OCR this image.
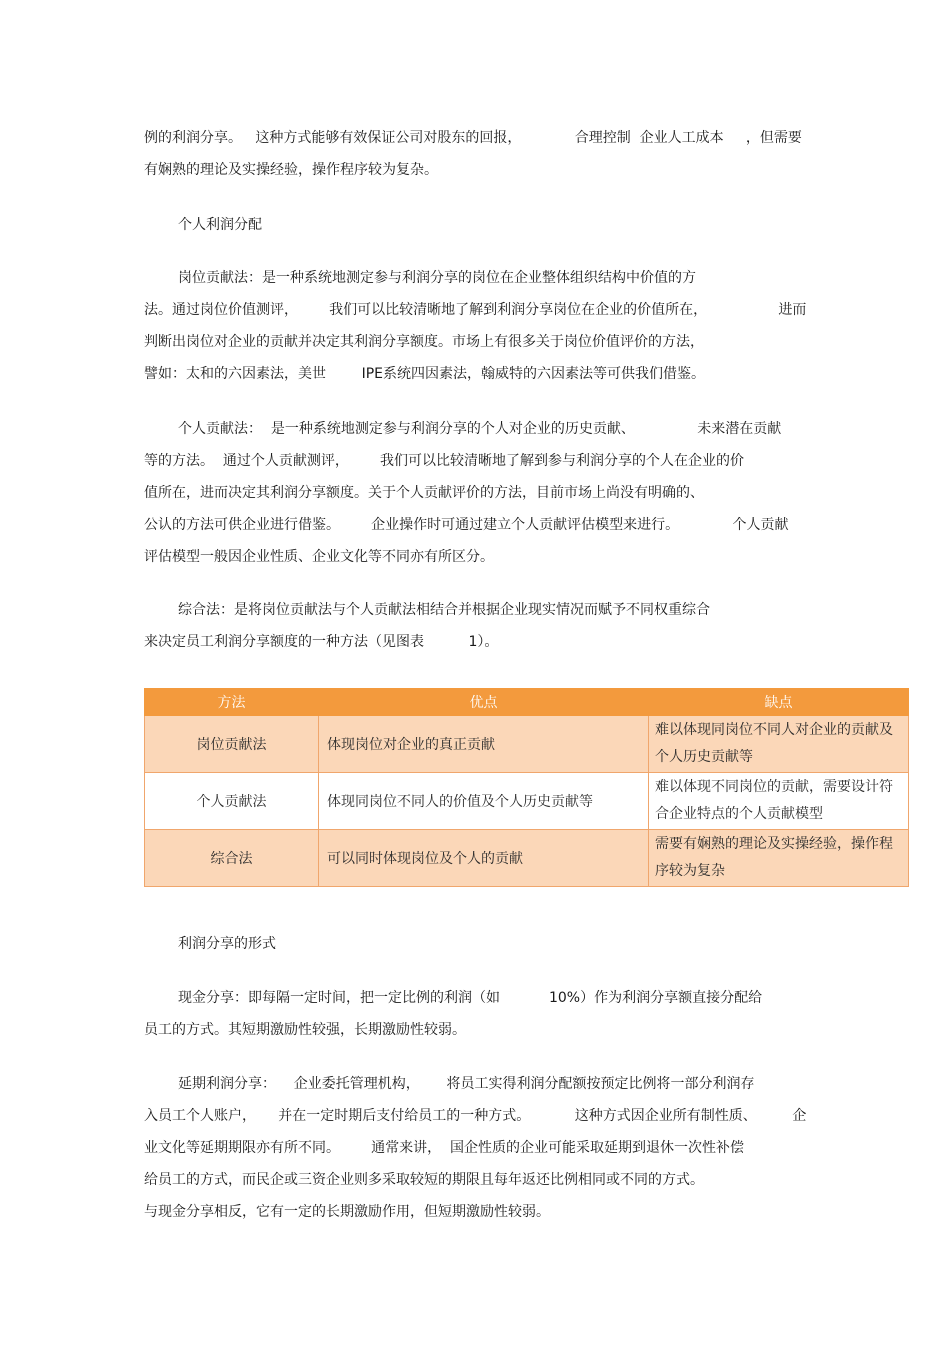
例的利润分享。   这种方式能够有效保证公司对股东的回报，            合理控制  企业人工成本     ，但需要
有娴熟的理论及实操经验，操作程序较为复杂。
个人利润分配
岗位贡献法：是一种系统地测定参与利润分享的岗位在企业整体组织结构中价值的方
法。通过岗位价值测评，       我们可以比较清晰地了解到利润分享岗位在企业的价值所在，                进而
判断出岗位对企业的贡献并决定其利润分享额度。市场上有很多关于岗位价值评价的方法，
譬如：太和的六因素法，美世        IPE系统四因素法，翰威特的六因素法等可供我们借鉴。
个人贡献法：  是一种系统地测定参与利润分享的个人对企业的历史贡献、              未来潜在贡献
等的方法。  通过个人贡献测评，       我们可以比较清晰地了解到参与利润分享的个人在企业的价
值所在，进而决定其利润分享额度。关于个人贡献评价的方法，目前市场上尚没有明确的、
公认的方法可供企业进行借鉴。       企业操作时可通过建立个人贡献评估模型来进行。            个人贡献
评估模型一般因企业性质、企业文化等不同亦有所区分。
综合法：是将岗位贡献法与个人贡献法相结合并根据企业现实情况而赋予不同权重综合
来决定员工利润分享额度的一种方法（见图表          1）。
利润分享的形式
现金分享：即每隔一定时间，把一定比例的利润（如           10%）作为利润分享额直接分配给
员工的方式。其短期激励性较强，长期激励性较弱。
延期利润分享：    企业委托管理机构，      将员工实得利润分配额按预定比例将一部分利润存
入员工个人账户，     并在一定时期后支付给员工的一种方式。          这种方式因企业所有制性质、        企
业文化等延期期限亦有所不同。       通常来讲，  国企性质的企业可能采取延期到退休一次性补偿
给员工的方式，而民企或三资企业则多采取较短的期限且每年返还比例相同或不同的方式。
与现金分享相反，它有一定的长期激励作用，但短期激励性较弱。
方法	优点	缺点
岗位贡献法	体现岗位对企业的真正贡献	难以体现同岗位不同人对企业的贡献及个人历史贡献等
个人贡献法	体现同岗位不同人的价值及个人历史贡献等	难以体现不同岗位的贡献，需要设计符合企业特点的个人贡献模型
综合法	可以同时体现岗位及个人的贡献	需要有娴熟的理论及实操经验，操作程序较为复杂
